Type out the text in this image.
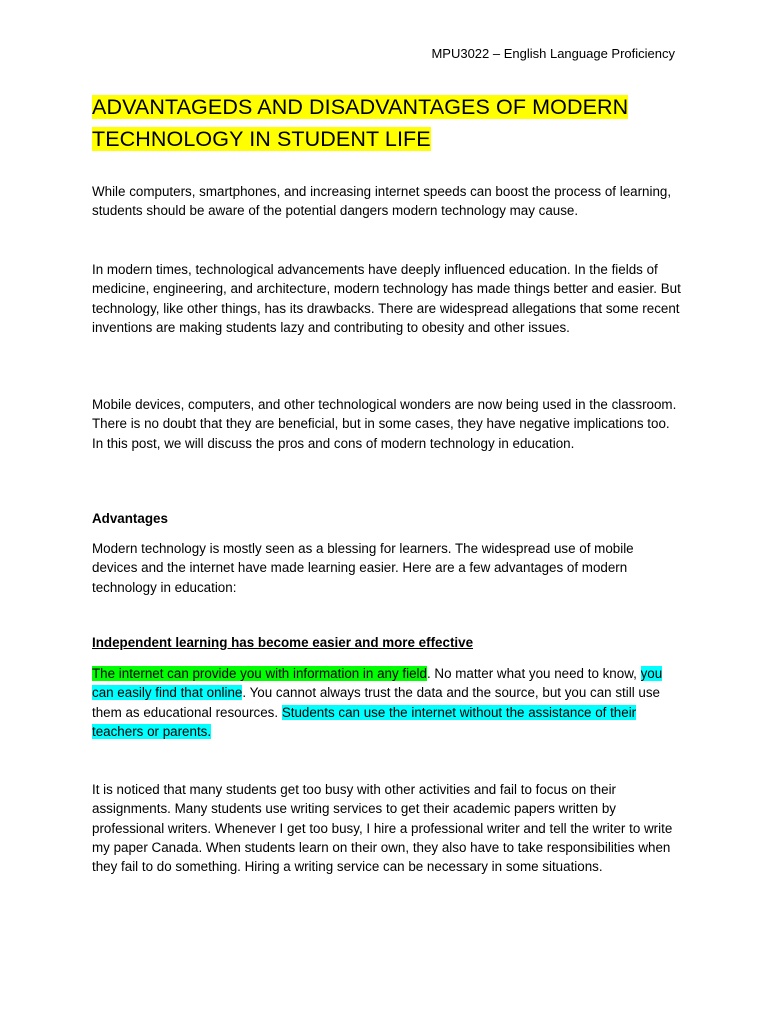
MPU3022 – English Language Proficiency
ADVANTAGEDS AND DISADVANTAGES OF MODERN
TECHNOLOGY IN STUDENT LIFE

While computers, smartphones, and increasing internet speeds can boost the process of learning, students should be aware of the potential dangers modern technology may cause.

In modern times, technological advancements have deeply influenced education. In the fields of medicine, engineering, and architecture, modern technology has made things better and easier. But technology, like other things, has its drawbacks. There are widespread allegations that some recent inventions are making students lazy and contributing to obesity and other issues.

Mobile devices, computers, and other technological wonders are now being used in the classroom. There is no doubt that they are beneficial, but in some cases, they have negative implications too. In this post, we will discuss the pros and cons of modern technology in education.

Advantages

Modern technology is mostly seen as a blessing for learners. The widespread use of mobile devices and the internet have made learning easier. Here are a few advantages of modern technology in education:

Independent learning has become easier and more effective

The internet can provide you with information in any field. No matter what you need to know, you can easily find that online. You cannot always trust the data and the source, but you can still use them as educational resources. Students can use the internet without the assistance of their teachers or parents.

It is noticed that many students get too busy with other activities and fail to focus on their assignments. Many students use writing services to get their academic papers written by professional writers. Whenever I get too busy, I hire a professional writer and tell the writer to write my paper Canada. When students learn on their own, they also have to take responsibilities when they fail to do something. Hiring a writing service can be necessary in some situations.
